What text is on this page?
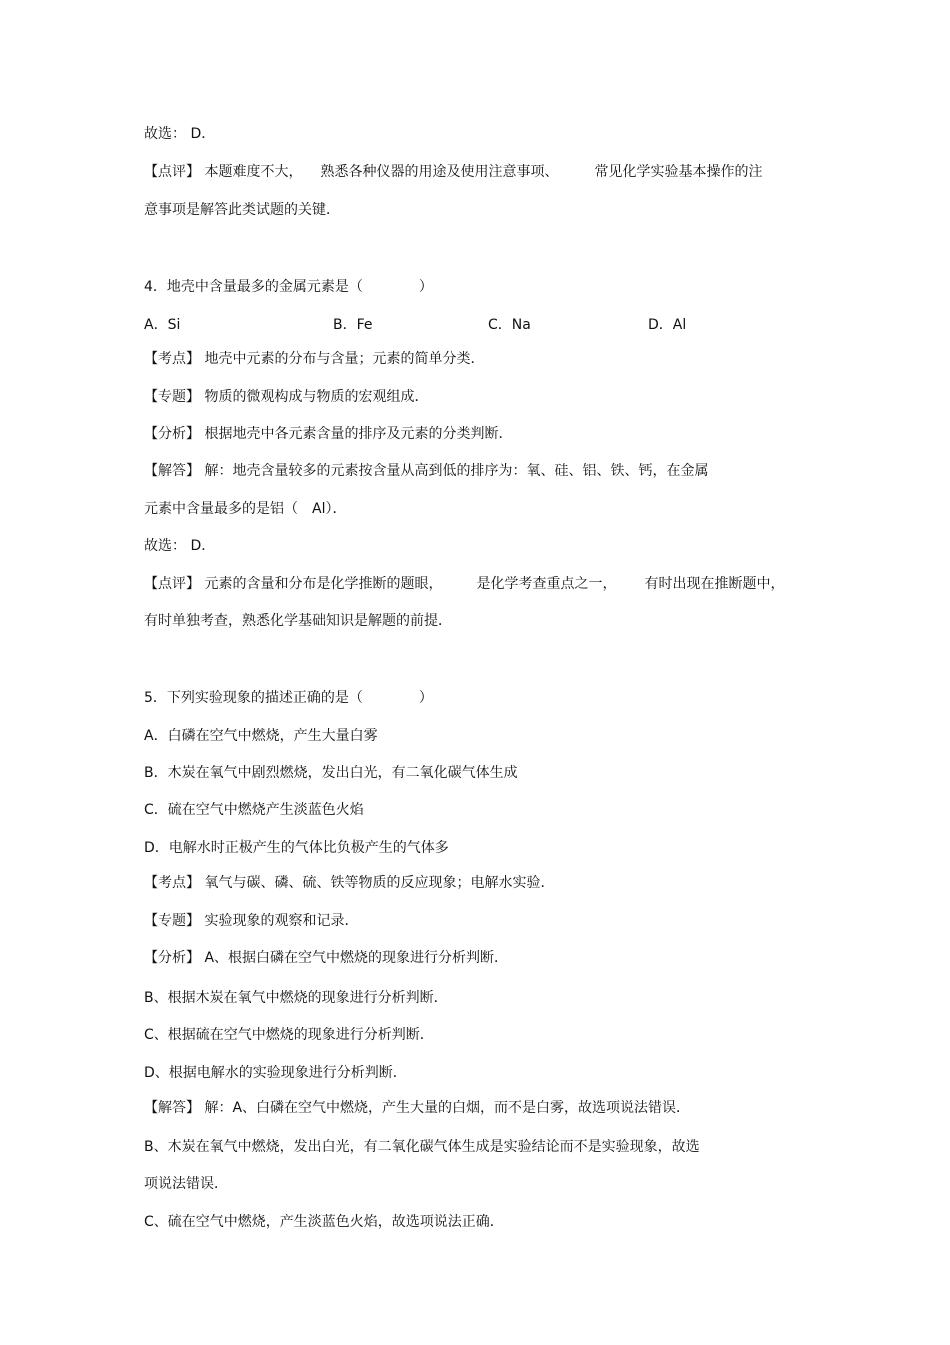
故选： D．
【点评】 本题难度不大， 熟悉各种仪器的用途及使用注意事项、	常见化学实验基本操作的注
意事项是解答此类试题的关键．
4．地壳中含量最多的金属元素是（　　　　）
A．Si	B．Fe	C．Na	D．Al
【考点】 地壳中元素的分布与含量；元素的简单分类．
【专题】 物质的微观构成与物质的宏观组成．
【分析】 根据地壳中各元素含量的排序及元素的分类判断．
【解答】 解：地壳含量较多的元素按含量从高到低的排序为：氧、硅、铝、铁、钙，在金属
元素中含量最多的是铝（　Al）．
故选： D．
【点评】 元素的含量和分布是化学推断的题眼， 是化学考查重点之一， 有时出现在推断题中，
有时单独考查，熟悉化学基础知识是解题的前提．
5．下列实验现象的描述正确的是（　　　　）
A．白磷在空气中燃烧，产生大量白雾
B．木炭在氧气中剧烈燃烧，发出白光，有二氧化碳气体生成
C．硫在空气中燃烧产生淡蓝色火焰
D．电解水时正极产生的气体比负极产生的气体多
【考点】 氧气与碳、磷、硫、铁等物质的反应现象；电解水实验．
【专题】 实验现象的观察和记录．
【分析】 A、根据白磷在空气中燃烧的现象进行分析判断．
B、根据木炭在氧气中燃烧的现象进行分析判断．
C、根据硫在空气中燃烧的现象进行分析判断．
D、根据电解水的实验现象进行分析判断．
【解答】 解：A、白磷在空气中燃烧，产生大量的白烟，而不是白雾，故选项说法错误．
B、木炭在氧气中燃烧，发出白光，有二氧化碳气体生成是实验结论而不是实验现象，故选
项说法错误．
C、硫在空气中燃烧，产生淡蓝色火焰，故选项说法正确．
